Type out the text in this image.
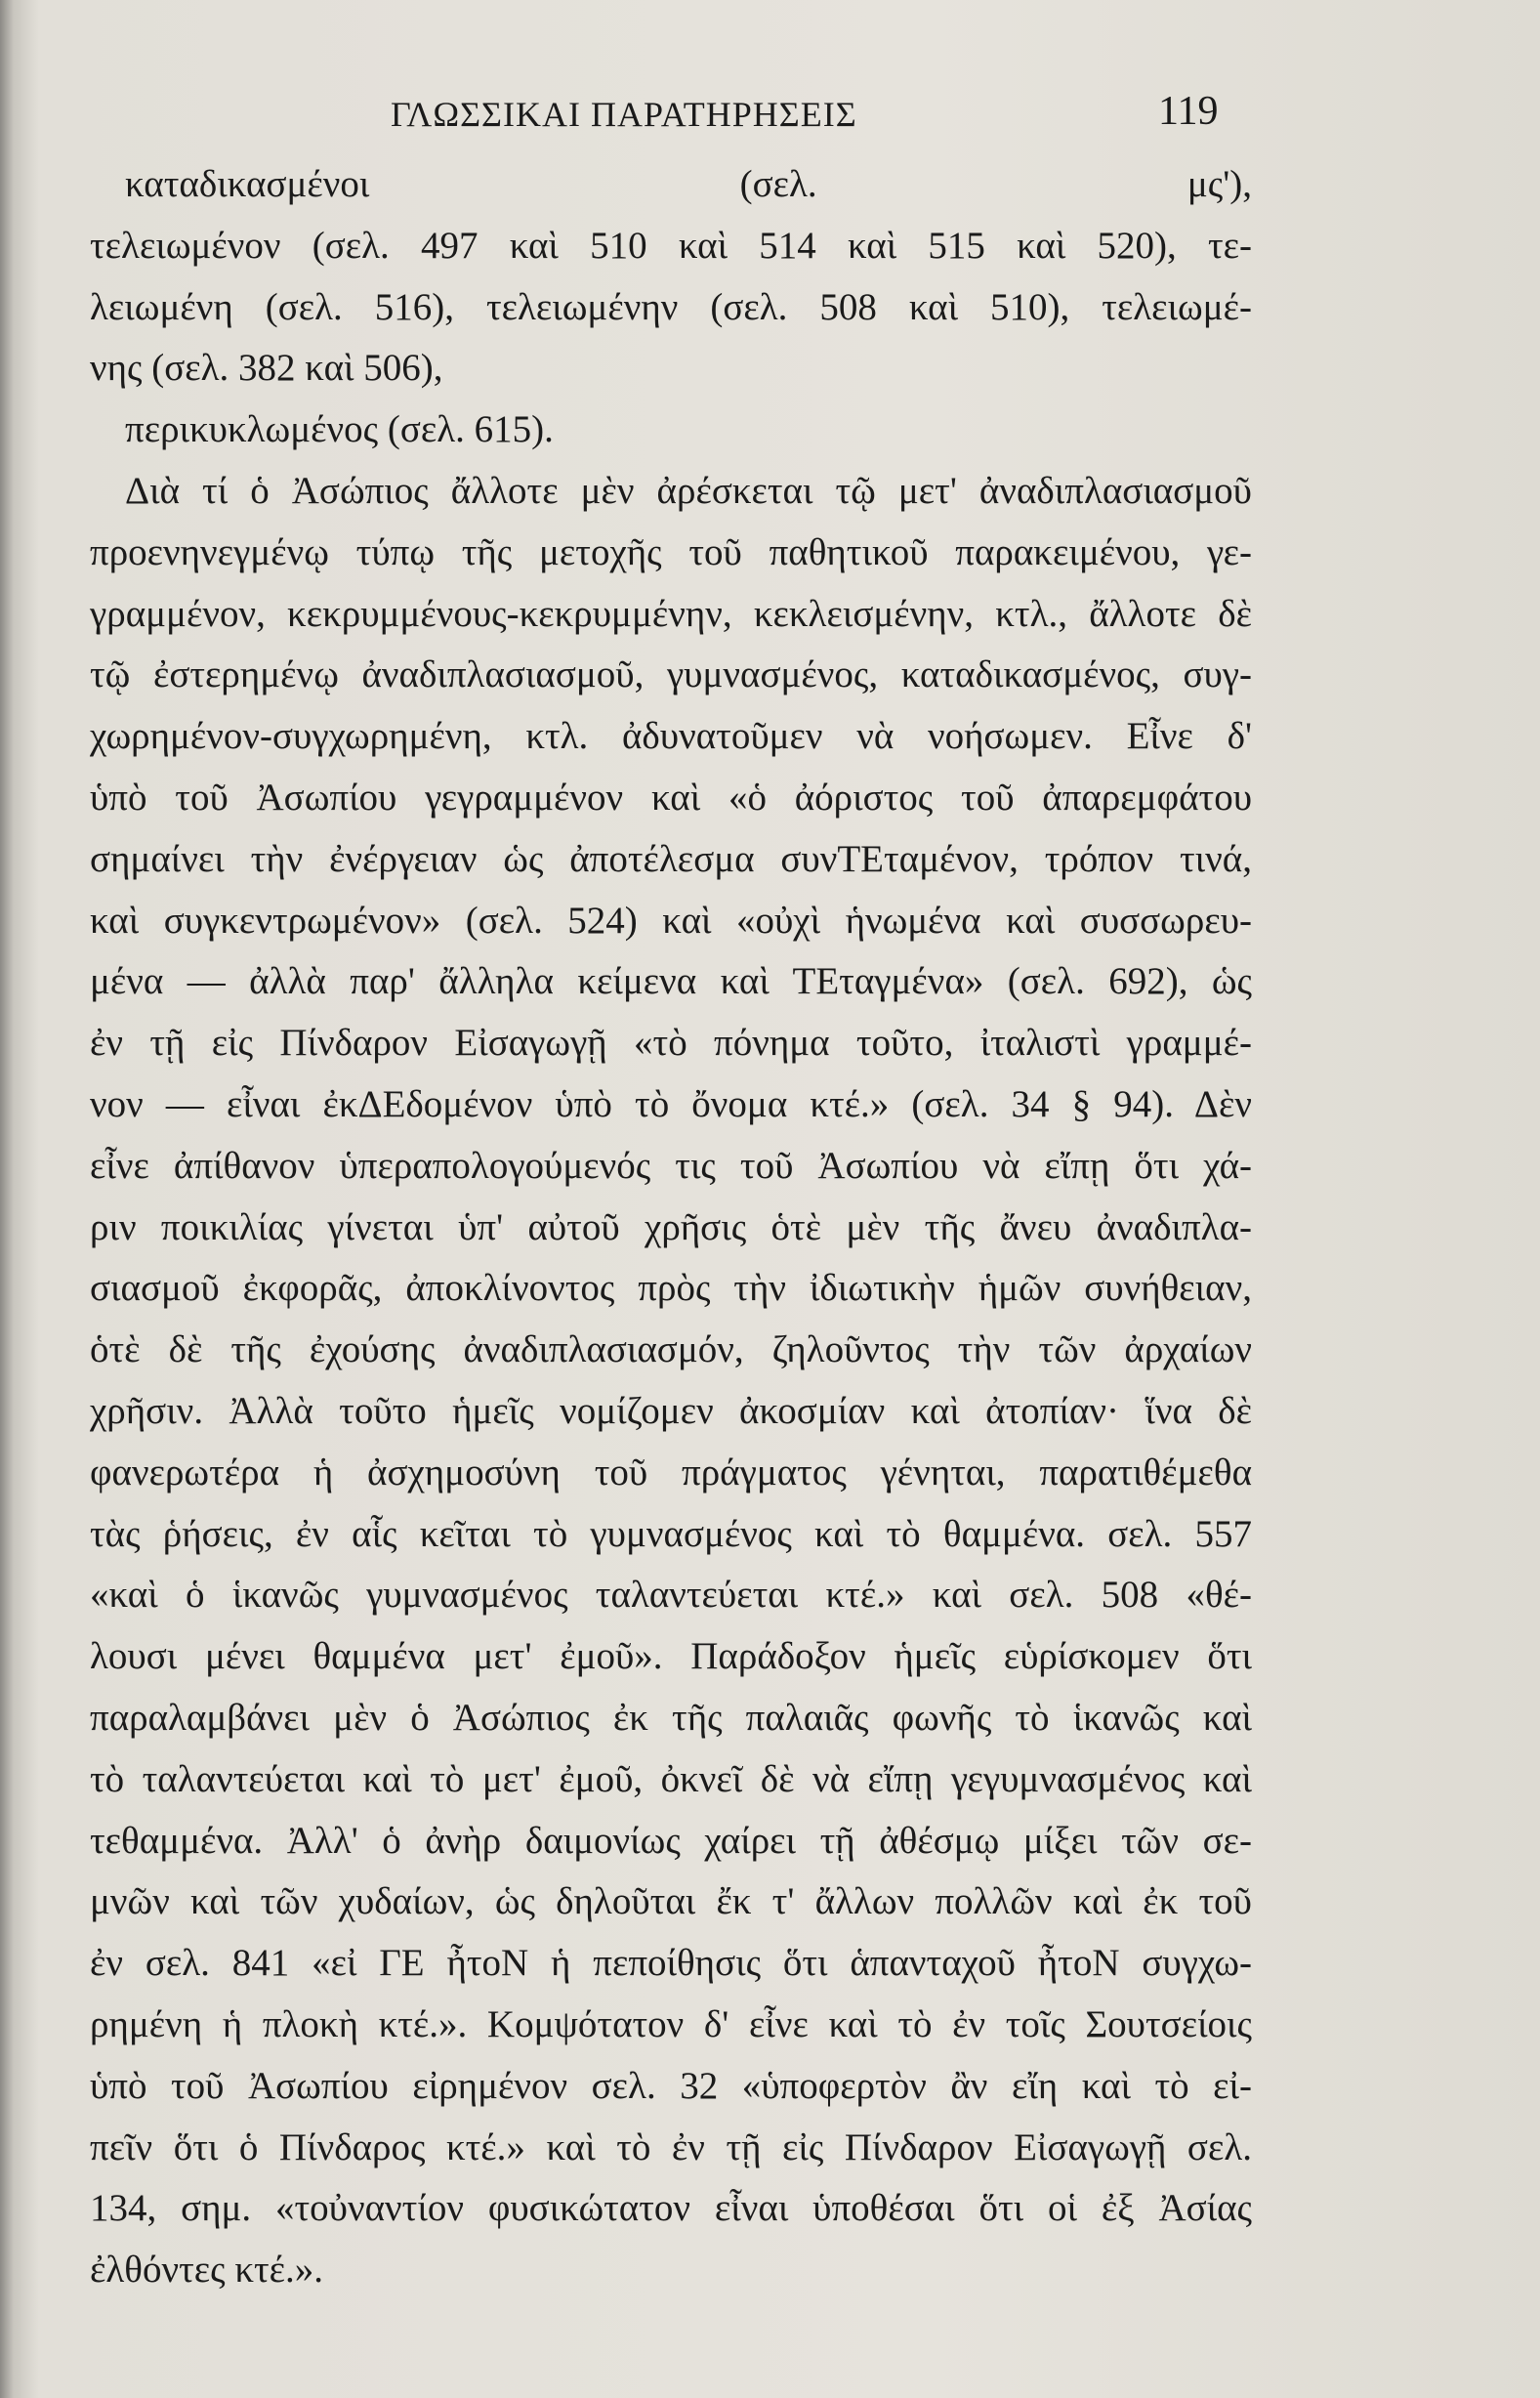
ΓΛΩΣΣΙΚΑΙ ΠΑΡΑΤΗΡΗΣΕΙΣ	119
καταδικασμένοι (σελ. μς'),
τελειωμένον (σελ. 497 καὶ 510 καὶ 514 καὶ 515 καὶ 520), τε-
λειωμένη (σελ. 516), τελειωμένην (σελ. 508 καὶ 510), τελειωμέ-
νης (σελ. 382 καὶ 506),
περικυκλωμένος (σελ. 615).
Διὰ τί ὁ Ἀσώπιος ἄλλοτε μὲν ἀρέσκεται τῷ μετ' ἀναδιπλασιασμοῦ
προενηνεγμένῳ τύπῳ τῆς μετοχῆς τοῦ παθητικοῦ παρακειμένου, γε-
γραμμένον, κεκρυμμένους-κεκρυμμένην, κεκλεισμένην, κτλ., ἄλλοτε δὲ
τῷ ἐστερημένῳ ἀναδιπλασιασμοῦ, γυμνασμένος, καταδικασμένος, συγ-
χωρημένον-συγχωρημένη, κτλ. ἀδυνατοῦμεν νὰ νοήσωμεν. Εἶνε δ'
ὑπὸ τοῦ Ἀσωπίου γεγραμμένον καὶ «ὁ ἀόριστος τοῦ ἀπαρεμφάτου
σημαίνει τὴν ἐνέργειαν ὡς ἀποτέλεσμα συνΤΕταμένον, τρόπον τινά,
καὶ συγκεντρωμένον» (σελ. 524) καὶ «οὐχὶ ἡνωμένα καὶ συσσωρευ-
μένα — ἀλλὰ παρ' ἄλληλα κείμενα καὶ ΤΕταγμένα» (σελ. 692), ὡς
ἐν τῇ εἰς Πίνδαρον Εἰσαγωγῇ «τὸ πόνημα τοῦτο, ἰταλιστὶ γραμμέ-
νον — εἶναι ἐκΔΕδομένον ὑπὸ τὸ ὄνομα κτέ.» (σελ. 34 § 94). Δὲν
εἶνε ἀπίθανον ὑπεραπολογούμενός τις τοῦ Ἀσωπίου νὰ εἴπῃ ὅτι χά-
ριν ποικιλίας γίνεται ὑπ' αὐτοῦ χρῆσις ὁτὲ μὲν τῆς ἄνευ ἀναδιπλα-
σιασμοῦ ἐκφορᾶς, ἀποκλίνοντος πρὸς τὴν ἰδιωτικὴν ἡμῶν συνήθειαν,
ὁτὲ δὲ τῆς ἐχούσης ἀναδιπλασιασμόν, ζηλοῦντος τὴν τῶν ἀρχαίων
χρῆσιν. Ἀλλὰ τοῦτο ἡμεῖς νομίζομεν ἀκοσμίαν καὶ ἀτοπίαν· ἵνα δὲ
φανερωτέρα ἡ ἀσχημοσύνη τοῦ πράγματος γένηται, παρατιθέμεθα
τὰς ῥήσεις, ἐν αἷς κεῖται τὸ γυμνασμένος καὶ τὸ θαμμένα. σελ. 557
«καὶ ὁ ἱκανῶς γυμνασμένος ταλαντεύεται κτέ.» καὶ σελ. 508 «θέ-
λουσι μένει θαμμένα μετ' ἐμοῦ». Παράδοξον ἡμεῖς εὑρίσκομεν ὅτι
παραλαμβάνει μὲν ὁ Ἀσώπιος ἐκ τῆς παλαιᾶς φωνῆς τὸ ἱκανῶς καὶ
τὸ ταλαντεύεται καὶ τὸ μετ' ἐμοῦ, ὀκνεῖ δὲ νὰ εἴπῃ γεγυμνασμένος καὶ
τεθαμμένα. Ἀλλ' ὁ ἀνὴρ δαιμονίως χαίρει τῇ ἀθέσμῳ μίξει τῶν σε-
μνῶν καὶ τῶν χυδαίων, ὡς δηλοῦται ἔκ τ' ἄλλων πολλῶν καὶ ἐκ τοῦ
ἐν σελ. 841 «εἰ ΓΕ ἦτοΝ ἡ πεποίθησις ὅτι ἁπανταχοῦ ἦτοΝ συγχω-
ρημένη ἡ πλοκὴ κτέ.». Κομψότατον δ' εἶνε καὶ τὸ ἐν τοῖς Σουτσείοις
ὑπὸ τοῦ Ἀσωπίου εἰρημένον σελ. 32 «ὑποφερτὸν ἂν εἴη καὶ τὸ εἰ-
πεῖν ὅτι ὁ Πίνδαρος κτέ.» καὶ τὸ ἐν τῇ εἰς Πίνδαρον Εἰσαγωγῇ σελ.
134, σημ. «τοὐναντίον φυσικώτατον εἶναι ὑποθέσαι ὅτι οἱ ἐξ Ἀσίας
ἐλθόντες κτέ.».
